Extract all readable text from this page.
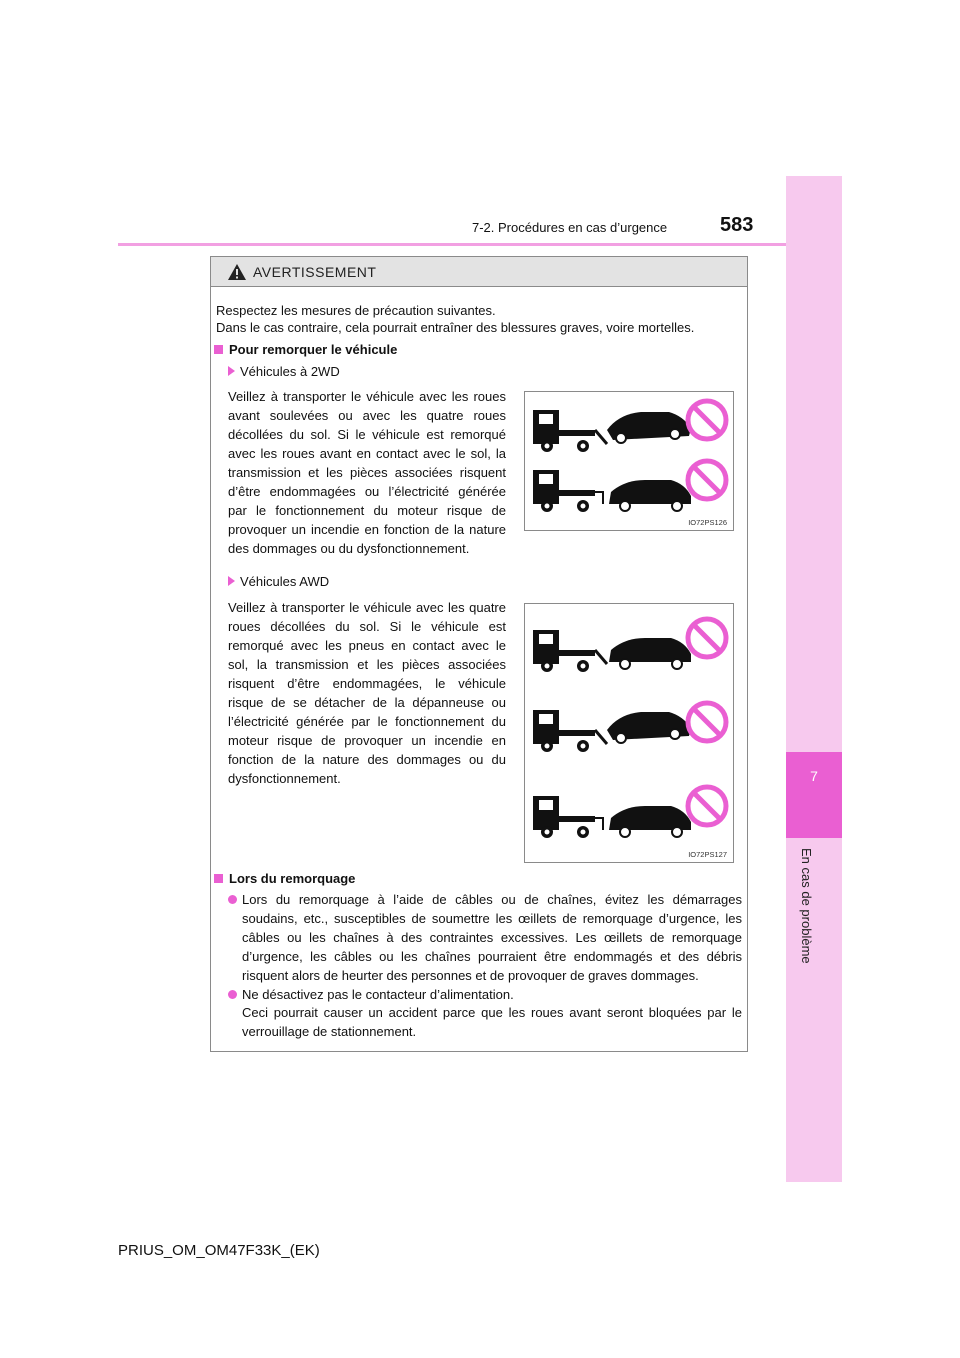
7
En cas de problème
7-2. Procédures en cas d’urgence	583
AVERTISSEMENT
Respectez les mesures de précaution suivantes.
Dans le cas contraire, cela pourrait entraîner des blessures graves, voire mortelles.
Pour remorquer le véhicule
Véhicules à 2WD
Veillez à transporter le véhicule avec les roues avant soulevées ou avec les quatre roues décollées du sol. Si le véhicule est remorqué avec les roues avant en contact avec le sol, la transmission et les pièces associées risquent d’être endommagées ou l’électricité générée par le fonctionnement du moteur risque de provoquer un incendie en fonction de la nature des dommages ou du dysfonctionnement.
Véhicules AWD
Veillez à transporter le véhicule avec les quatre roues décollées du sol. Si le véhicule est remorqué avec les pneus en contact avec le sol, la transmission et les pièces associées risquent d’être endommagées, le véhicule risque de se détacher de la dépanneuse ou l’électricité générée par le fonctionnement du moteur risque de provoquer un incendie en fonction de la nature des dommages ou du dysfonctionnement.
IO72PS126
IO72PS127
Lors du remorquage
Lors du remorquage à l’aide de câbles ou de chaînes, évitez les démarrages soudains, etc., susceptibles de soumettre les œillets de remorquage d’urgence, les câbles ou les chaînes à des contraintes excessives. Les œillets de remorquage d’urgence, les câbles ou les chaînes pourraient être endommagés et des débris risquent alors de heurter des personnes et de provoquer de graves dommages.
Ne désactivez pas le contacteur d’alimentation.
Ceci pourrait causer un accident parce que les roues avant seront bloquées par le verrouillage de stationnement.
PRIUS_OM_OM47F33K_(EK)
